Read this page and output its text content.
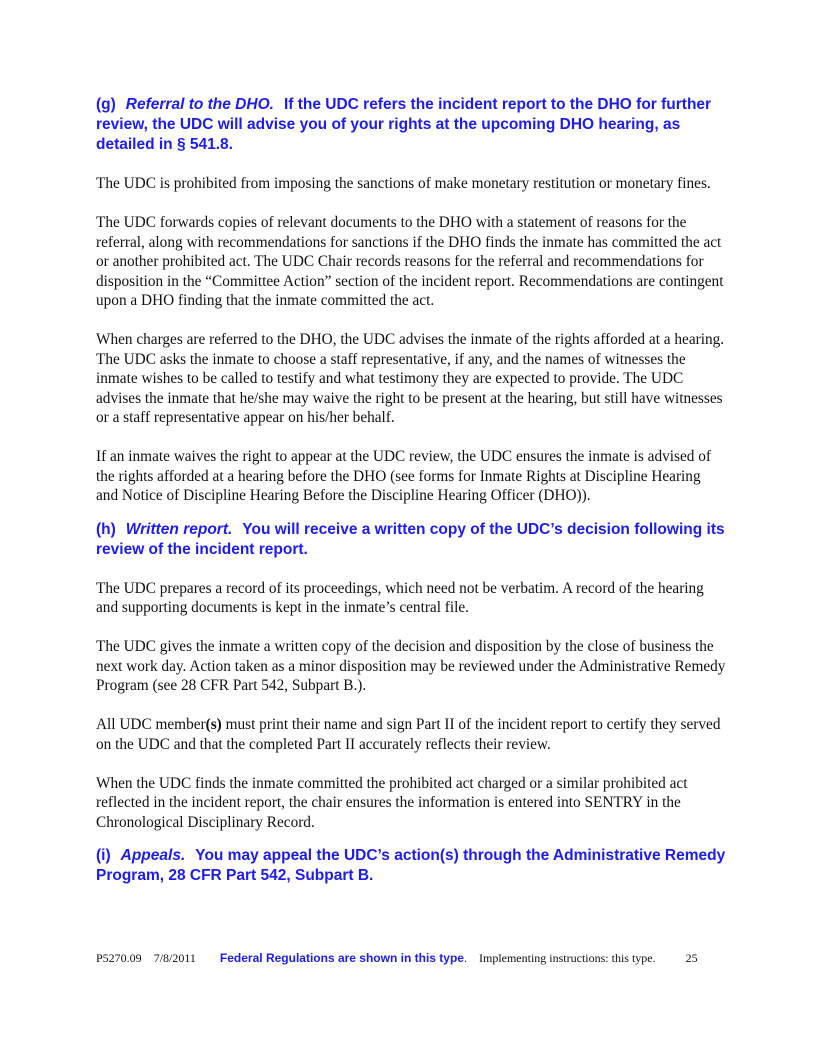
(g) Referral to the DHO. If the UDC refers the incident report to the DHO for further review, the UDC will advise you of your rights at the upcoming DHO hearing, as detailed in § 541.8.

The UDC is prohibited from imposing the sanctions of make monetary restitution or monetary fines.

The UDC forwards copies of relevant documents to the DHO with a statement of reasons for the referral, along with recommendations for sanctions if the DHO finds the inmate has committed the act or another prohibited act. The UDC Chair records reasons for the referral and recommendations for disposition in the “Committee Action” section of the incident report. Recommendations are contingent upon a DHO finding that the inmate committed the act.

When charges are referred to the DHO, the UDC advises the inmate of the rights afforded at a hearing. The UDC asks the inmate to choose a staff representative, if any, and the names of witnesses the inmate wishes to be called to testify and what testimony they are expected to provide. The UDC advises the inmate that he/she may waive the right to be present at the hearing, but still have witnesses or a staff representative appear on his/her behalf.

If an inmate waives the right to appear at the UDC review, the UDC ensures the inmate is advised of the rights afforded at a hearing before the DHO (see forms for Inmate Rights at Discipline Hearing and Notice of Discipline Hearing Before the Discipline Hearing Officer (DHO)).

(h) Written report. You will receive a written copy of the UDC’s decision following its review of the incident report.

The UDC prepares a record of its proceedings, which need not be verbatim. A record of the hearing and supporting documents is kept in the inmate’s central file.

The UDC gives the inmate a written copy of the decision and disposition by the close of business the next work day. Action taken as a minor disposition may be reviewed under the Administrative Remedy Program (see 28 CFR Part 542, Subpart B.).

All UDC member(s) must print their name and sign Part II of the incident report to certify they served on the UDC and that the completed Part II accurately reflects their review.

When the UDC finds the inmate committed the prohibited act charged or a similar prohibited act reflected in the incident report, the chair ensures the information is entered into SENTRY in the Chronological Disciplinary Record.

(i) Appeals. You may appeal the UDC’s action(s) through the Administrative Remedy Program, 28 CFR Part 542, Subpart B.

P5270.09 7/8/2011 Federal Regulations are shown in this type. Implementing instructions: this type.	25
